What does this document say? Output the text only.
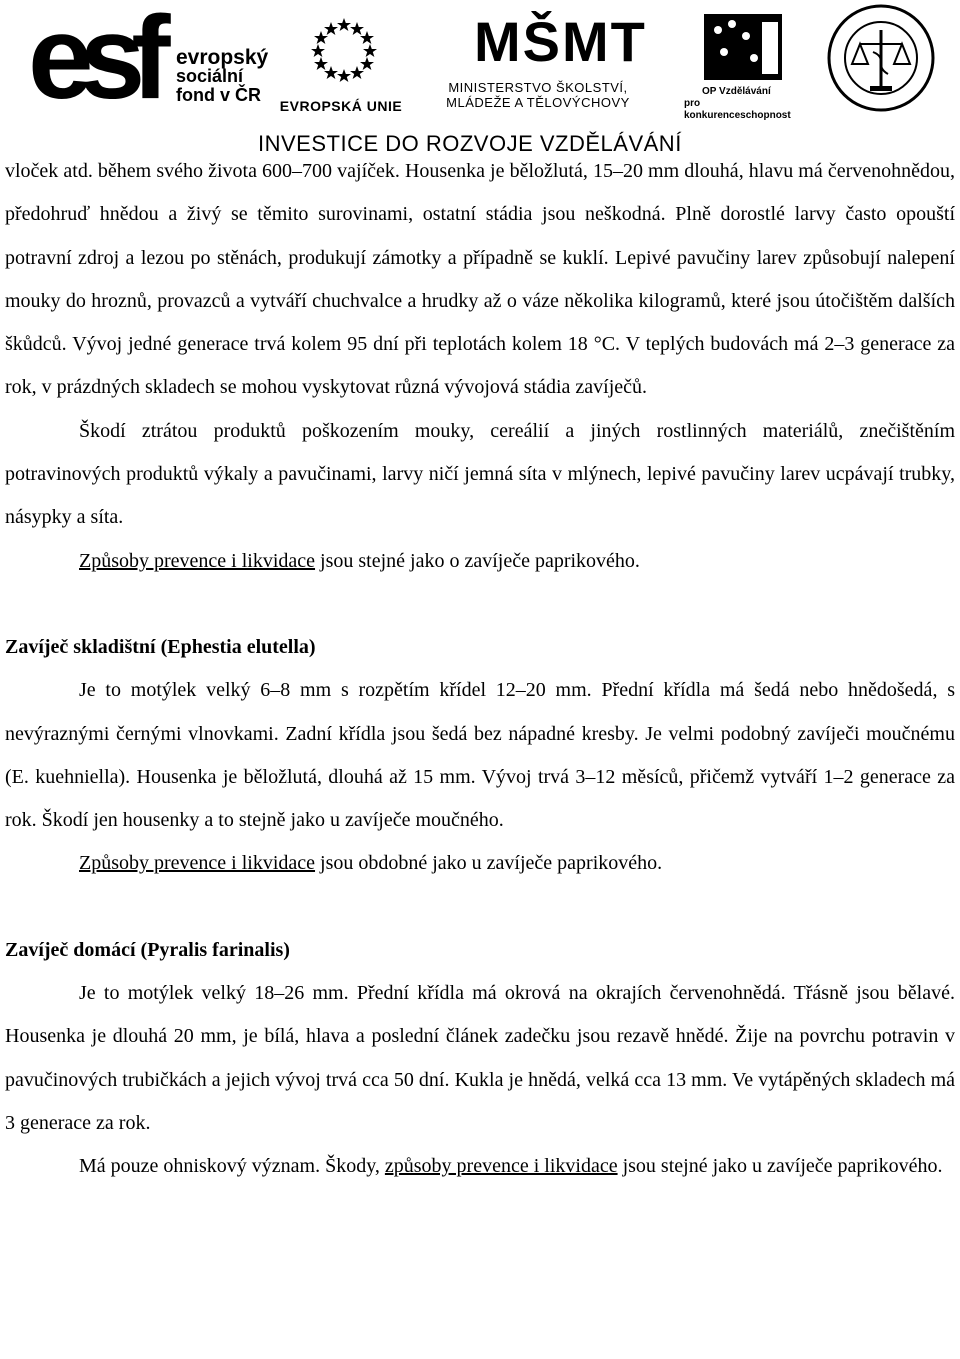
esf evropský
sociální
fond v ČR
EVROPSKÁ UNIE
MŠMT
MINISTERSTVO ŠKOLSTVÍ,
MLÁDEŽE A TĚLOVÝCHOVY
OP Vzdělávání
pro konkurenceschopnost
INVESTICE DO ROZVOJE VZDĚLÁVÁNÍ

vloček atd. během svého života 600–700 vajíček. Housenka je běložlutá, 15–20 mm dlouhá, hlavu má červenohnědou, předohruď hnědou a živý se těmito surovinami, ostatní stádia jsou neškodná. Plně dorostlé larvy často opouští potravní zdroj a lezou po stěnách, produkují zámotky a případně se kuklí. Lepivé pavučiny larev způsobují nalepení mouky do hroznů, provazců a vytváří chuchvalce a hrudky až o váze několika kilogramů, které jsou útočištěm dalších škůdců. Vývoj jedné generace trvá kolem 95 dní při teplotách kolem 18 °C. V teplých budovách má 2–3 generace za rok, v prázdných skladech se mohou vyskytovat různá vývojová stádia zavíječů.

Škodí ztrátou produktů poškozením mouky, cereálií a jiných rostlinných materiálů, znečištěním potravinových produktů výkaly a pavučinami, larvy ničí jemná síta v mlýnech, lepivé pavučiny larev ucpávají trubky, násypky a síta.

Způsoby prevence i likvidace jsou stejné jako o zavíječe paprikového.

Zavíječ skladištní (Ephestia elutella)

Je to motýlek velký 6–8 mm s rozpětím křídel 12–20 mm. Přední křídla má šedá nebo hnědošedá, s nevýraznými černými vlnovkami. Zadní křídla jsou šedá bez nápadné kresby. Je velmi podobný zavíječi moučnému (E. kuehniella). Housenka je běložlutá, dlouhá až 15 mm. Vývoj trvá 3–12 měsíců, přičemž vytváří 1–2 generace za rok. Škodí jen housenky a to stejně jako u zavíječe moučného.

Způsoby prevence i likvidace jsou obdobné jako u zavíječe paprikového.

Zavíječ domácí (Pyralis farinalis)

Je to motýlek velký 18–26 mm. Přední křídla má okrová na okrajích červenohnědá. Třásně jsou bělavé. Housenka je dlouhá 20 mm, je bílá, hlava a poslední článek zadečku jsou rezavě hnědé. Žije na povrchu potravin v pavučinových trubičkách a jejich vývoj trvá cca 50 dní. Kukla je hnědá, velká cca 13 mm. Ve vytápěných skladech má 3 generace za rok.

Má pouze ohniskový význam. Škody, způsoby prevence i likvidace jsou stejné jako u zavíječe paprikového.
